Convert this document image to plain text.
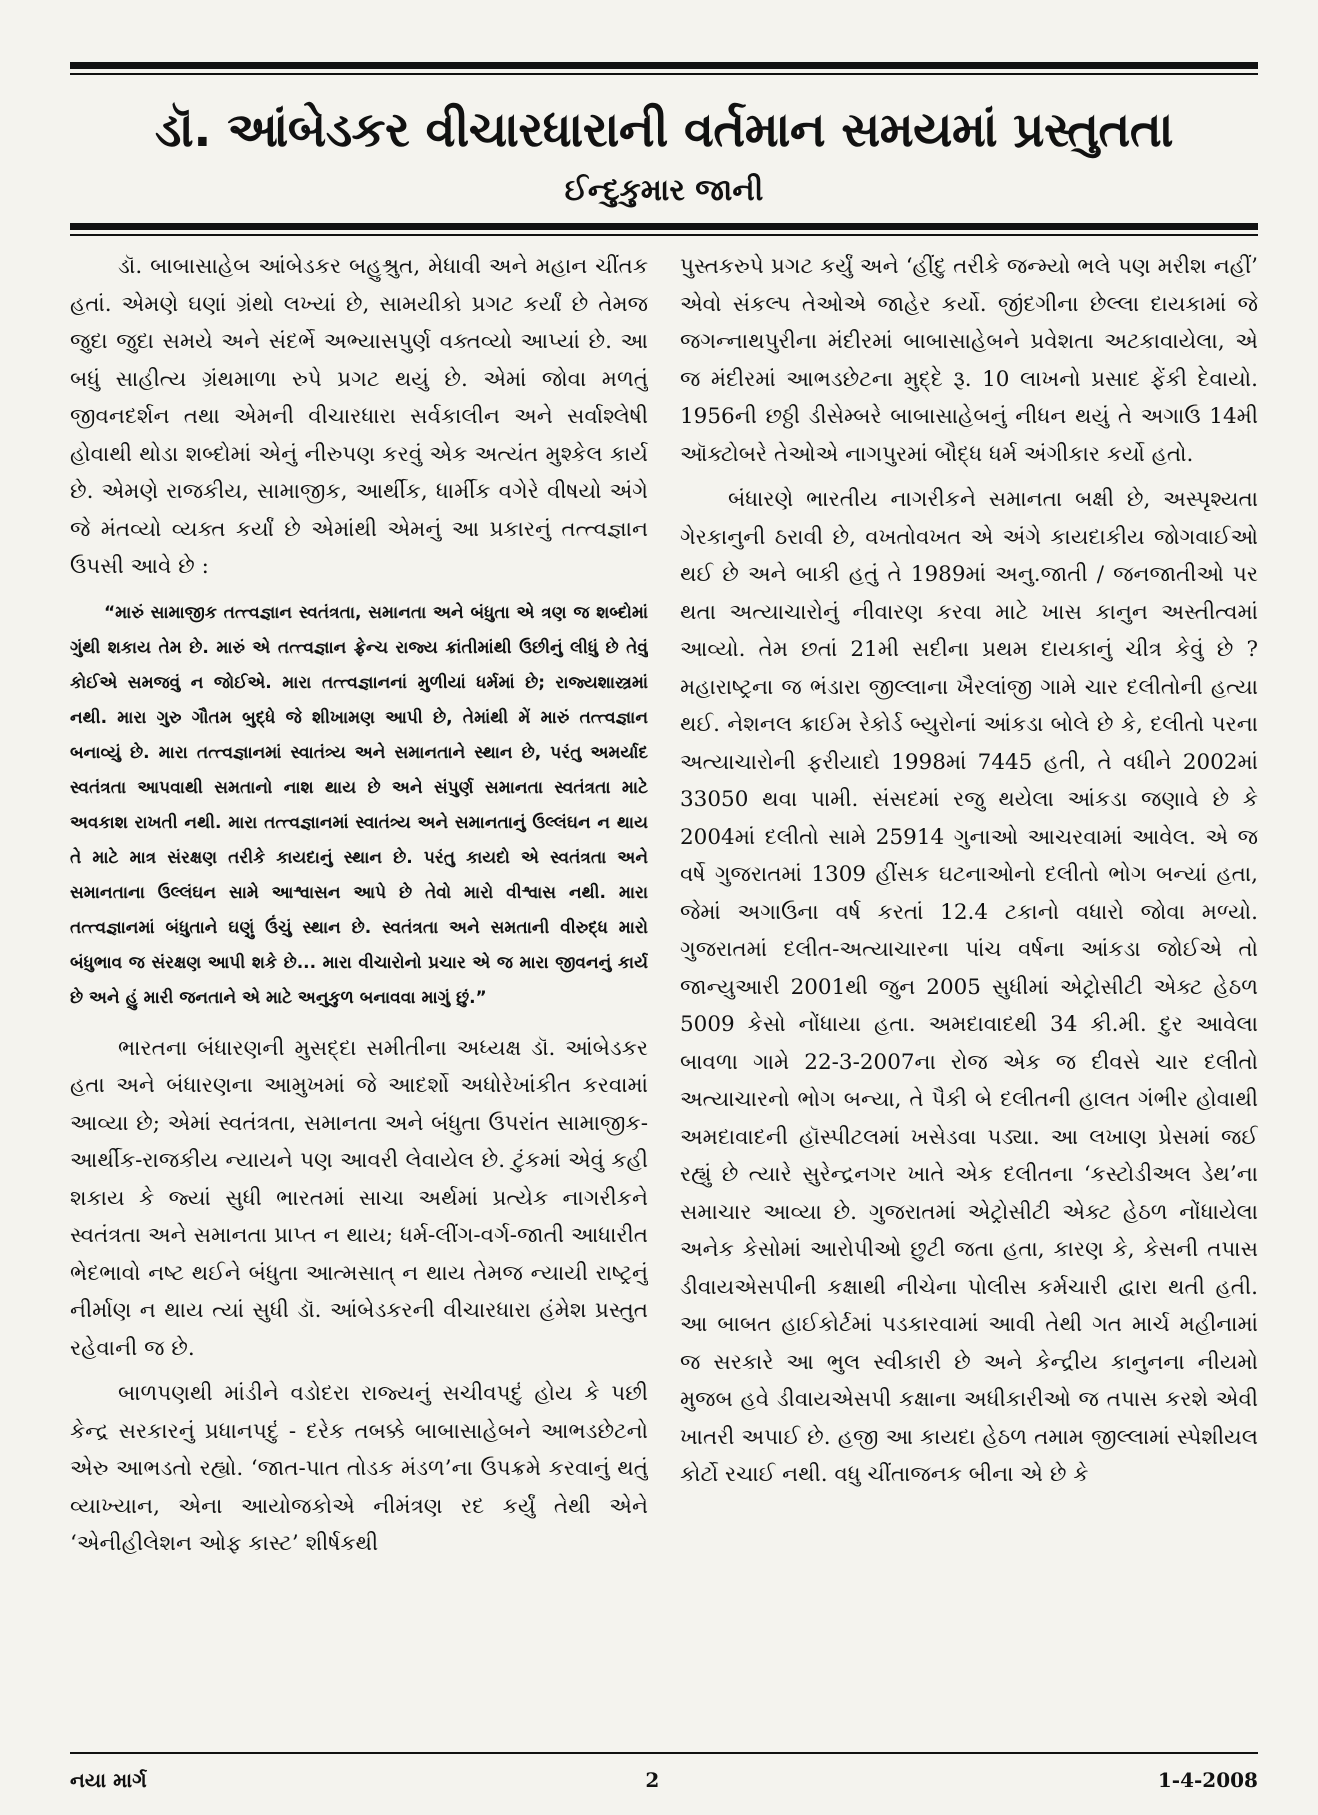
ડૉ. આંબેડકર વીચારધારાની વર્તમાન સમયમાં પ્રસ્તુતતા
ઈન્દુકુમાર જાની

ડૉ. બાબાસાહેબ આંબેડકર બહુશ્રુત, મેધાવી અને મહાન ચીંતક હતાં. એમણે ઘણાં ગ્રંથો લખ્યાં છે, સામયીકો પ્રગટ કર્યાં છે તેમજ જુદા જુદા સમયે અને સંદર્ભે અભ્યાસપુર્ણ વક્તવ્યો આપ્યાં છે. આ બધું સાહીત્ય ગ્રંથમાળા રુપે પ્રગટ થયું છે. એમાં જોવા મળતું જીવનદર્શન તથા એમની વીચારધારા સર્વકાલીન અને સર્વાશ્લેષી હોવાથી થોડા શબ્દોમાં એનું નીરુપણ કરવું એક અત્યંત મુશ્કેલ કાર્ય છે. એમણે રાજકીય, સામાજીક, આર્થીક, ધાર્મીક વગેરે વીષયો અંગે જે મંતવ્યો વ્યક્ત કર્યાં છે એમાંથી એમનું આ પ્રકારનું તત્ત્વજ્ઞાન ઉપસી આવે છે :

“મારું સામાજીક તત્ત્વજ્ઞાન સ્વતંત્રતા, સમાનતા અને બંધુતા એ ત્રણ જ શબ્દોમાં ગુંથી શકાય તેમ છે. મારું એ તત્ત્વજ્ઞાન ફ્રેન્ચ રાજ્ય ક્રાંતીમાંથી ઉછીનું લીધું છે તેવું કોઈએ સમજવું ન જોઈએ. મારા તત્ત્વજ્ઞાનનાં મુળીયાં ધર્મમાં છે; રાજ્યશાસ્ત્રમાં નથી. મારા ગુરુ ગૌતમ બુદ્ધે જે શીખામણ આપી છે, તેમાંથી મેં મારું તત્ત્વજ્ઞાન બનાવ્યું છે. મારા તત્ત્વજ્ઞાનમાં સ્વાતંત્ર્ય અને સમાનતાને સ્થાન છે, પરંતુ અમર્યાદ સ્વતંત્રતા આપવાથી સમતાનો નાશ થાય છે અને સંપુર્ણ સમાનતા સ્વતંત્રતા માટે અવકાશ રાખતી નથી. મારા તત્ત્વજ્ઞાનમાં સ્વાતંત્ર્ય અને સમાનતાનું ઉલ્લંઘન ન થાય તે માટે માત્ર સંરક્ષણ તરીકે કાયદાનું સ્થાન છે. પરંતુ કાયદો એ સ્વતંત્રતા અને સમાનતાના ઉલ્લંઘન સામે આશ્વાસન આપે છે તેવો મારો વીશ્વાસ નથી. મારા તત્ત્વજ્ઞાનમાં બંધુતાને ઘણું ઉંચું સ્થાન છે. સ્વતંત્રતા અને સમતાની વીરુદ્ધ મારો બંધુભાવ જ સંરક્ષણ આપી શકે છે... મારા વીચારોનો પ્રચાર એ જ મારા જીવનનું કાર્ય છે અને હું મારી જનતાને એ માટે અનુકુળ બનાવવા માગું છું.”

ભારતના બંધારણની મુસદ્દા સમીતીના અધ્યક્ષ ડૉ. આંબેડકર હતા અને બંધારણના આમુખમાં જે આદર્શો અધોરેખાંકીત કરવામાં આવ્યા છે; એમાં સ્વતંત્રતા, સમાનતા અને બંધુતા ઉપરાંત સામાજીક-આર્થીક-રાજકીય ન્યાયને પણ આવરી લેવાયેલ છે. ટુંકમાં એવું કહી શકાય કે જ્યાં સુધી ભારતમાં સાચા અર્થમાં પ્રત્યેક નાગરીકને સ્વતંત્રતા અને સમાનતા પ્રાપ્ત ન થાય; ધર્મ-લીંગ-વર્ગ-જાતી આધારીત ભેદભાવો નષ્ટ થઈને બંધુતા આત્મસાત્ ન થાય તેમજ ન્યાયી રાષ્ટ્રનું નીર્માણ ન થાય ત્યાં સુધી ડૉ. આંબેડકરની વીચારધારા હંમેશ પ્રસ્તુત રહેવાની જ છે.

બાળપણથી માંડીને વડોદરા રાજ્યનું સચીવપદું હોય કે પછી કેન્દ્ર સરકારનું પ્રધાનપદું - દરેક તબક્કે બાબાસાહેબને આભડછેટનો એરુ આભડતો રહ્યો. ‘જાત-પાત તોડક મંડળ’ના ઉપક્રમે કરવાનું થતું વ્યાખ્યાન, એના આયોજકોએ નીમંત્રણ રદ કર્યું તેથી એને ‘એનીહીલેશન ઓફ કાસ્ટ’ શીર્ષકથી

પુસ્તકરુપે પ્રગટ કર્યું અને ‘હીંદુ તરીકે જન્મ્યો ભલે પણ મરીશ નહીં’ એવો સંકલ્પ તેઓએ જાહેર કર્યો. જીંદગીના છેલ્લા દાયકામાં જે જગન્નાથપુરીના મંદીરમાં બાબાસાહેબને પ્રવેશતા અટકાવાયેલા, એ જ મંદીરમાં આભડછેટના મુદ્દે રૂ. 10 લાખનો પ્રસાદ ફેંકી દેવાયો. 1956ની છઠ્ઠી ડીસેમ્બરે બાબાસાહેબનું નીધન થયું તે અગાઉ 14મી ઑક્ટોબરે તેઓએ નાગપુરમાં બૌદ્ધ ધર્મ અંગીકાર કર્યો હતો.

બંધારણે ભારતીય નાગરીકને સમાનતા બક્ષી છે, અસ્પૃશ્યતા ગેરકાનુની ઠરાવી છે, વખતોવખત એ અંગે કાયદાકીય જોગવાઈઓ થઈ છે અને બાકી હતું તે 1989માં અનુ.જાતી / જનજાતીઓ પર થતા અત્યાચારોનું નીવારણ કરવા માટે ખાસ કાનુન અસ્તીત્વમાં આવ્યો. તેમ છતાં 21મી સદીના પ્રથમ દાયકાનું ચીત્ર કેવું છે ? મહારાષ્ટ્રના જ ભંડારા જીલ્લાના ખૈરલાંજી ગામે ચાર દલીતોની હત્યા થઈ. નેશનલ ક્રાઈમ રેકોર્ડ બ્યુરોનાં આંકડા બોલે છે કે, દલીતો પરના અત્યાચારોની ફરીયાદો 1998માં 7445 હતી, તે વધીને 2002માં 33050 થવા પામી. સંસદમાં રજુ થયેલા આંકડા જણાવે છે કે 2004માં દલીતો સામે 25914 ગુનાઓ આચરવામાં આવેલ. એ જ વર્ષે ગુજરાતમાં 1309 હીંસક ઘટનાઓનો દલીતો ભોગ બન્યાં હતા, જેમાં અગાઉના વર્ષ કરતાં 12.4 ટકાનો વધારો જોવા મળ્યો. ગુજરાતમાં દલીત-અત્યાચારના પાંચ વર્ષના આંકડા જોઈએ તો જાન્યુઆરી 2001થી જુન 2005 સુધીમાં એટ્રોસીટી એક્ટ હેઠળ 5009 કેસો નોંધાયા હતા. અમદાવાદથી 34 કી.મી. દુર આવેલા બાવળા ગામે 22-3-2007ના રોજ એક જ દીવસે ચાર દલીતો અત્યાચારનો ભોગ બન્યા, તે પૈકી બે દલીતની હાલત ગંભીર હોવાથી અમદાવાદની હૉસ્પીટલમાં ખસેડવા પડ્યા. આ લખાણ પ્રેસમાં જઈ રહ્યું છે ત્યારે સુરેન્દ્રનગર ખાતે એક દલીતના ‘કસ્ટોડીઅલ ડેથ’ના સમાચાર આવ્યા છે. ગુજરાતમાં એટ્રોસીટી એક્ટ હેઠળ નોંધાયેલા અનેક કેસોમાં આરોપીઓ છુટી જતા હતા, કારણ કે, કેસની તપાસ ડીવાયએસપીની કક્ષાથી નીચેના પોલીસ કર્મચારી દ્વારા થતી હતી. આ બાબત હાઈકોર્ટમાં પડકારવામાં આવી તેથી ગત માર્ચ મહીનામાં જ સરકારે આ ભુલ સ્વીકારી છે અને કેન્દ્રીય કાનુનના નીયમો મુજબ હવે ડીવાયએસપી કક્ષાના અધીકારીઓ જ તપાસ કરશે એવી ખાતરી અપાઈ છે. હજી આ કાયદા હેઠળ તમામ જીલ્લામાં સ્પેશીયલ કોર્ટો રચાઈ નથી. વધુ ચીંતાજનક બીના એ છે કે

નયા માર્ગ	2	1-4-2008
